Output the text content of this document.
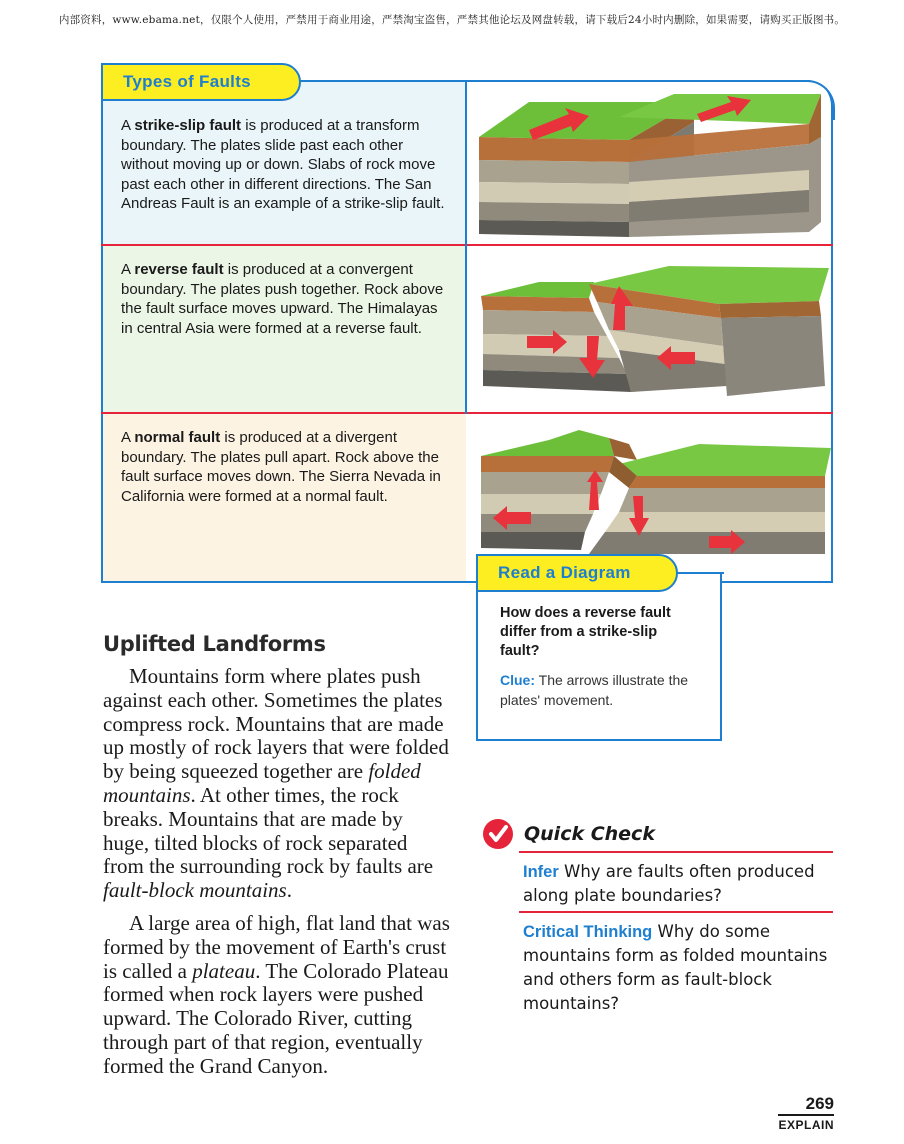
内部资料，www.ebama.net，仅限个人使用，严禁用于商业用途，严禁淘宝盗售，严禁其他论坛及网盘转载，请下载后24小时内删除，如果需要，请购买正版图书。
A strike-slip fault is produced at a transform boundary. The plates slide past each other without moving up or down. Slabs of rock move past each other in different directions. The San Andreas Fault is an example of a strike-slip fault.
A reverse fault is produced at a convergent boundary. The plates push together. Rock above the fault surface moves upward. The Himalayas in central Asia were formed at a reverse fault.
A normal fault is produced at a divergent boundary. The plates pull apart. Rock above the fault surface moves down. The Sierra Nevada in California were formed at a normal fault.
Types of Faults
How does a reverse fault differ from a strike-slip fault?
Clue: The arrows illustrate the plates' movement.
Read a Diagram
Uplifted Landforms
Mountains form where plates push against each other. Sometimes the plates compress rock. Mountains that are made up mostly of rock layers that were folded by being squeezed together are folded mountains. At other times, the rock breaks. Mountains that are made by huge, tilted blocks of rock separated from the surrounding rock by faults are fault-block mountains.
A large area of high, flat land that was formed by the movement of Earth's crust is called a plateau. The Colorado Plateau formed when rock layers were pushed upward. The Colorado River, cutting through part of that region, eventually formed the Grand Canyon.
Quick Check
Infer Why are faults often produced along plate boundaries?
Critical Thinking Why do some mountains form as folded mountains and others form as fault-block mountains?
269
EXPLAIN
